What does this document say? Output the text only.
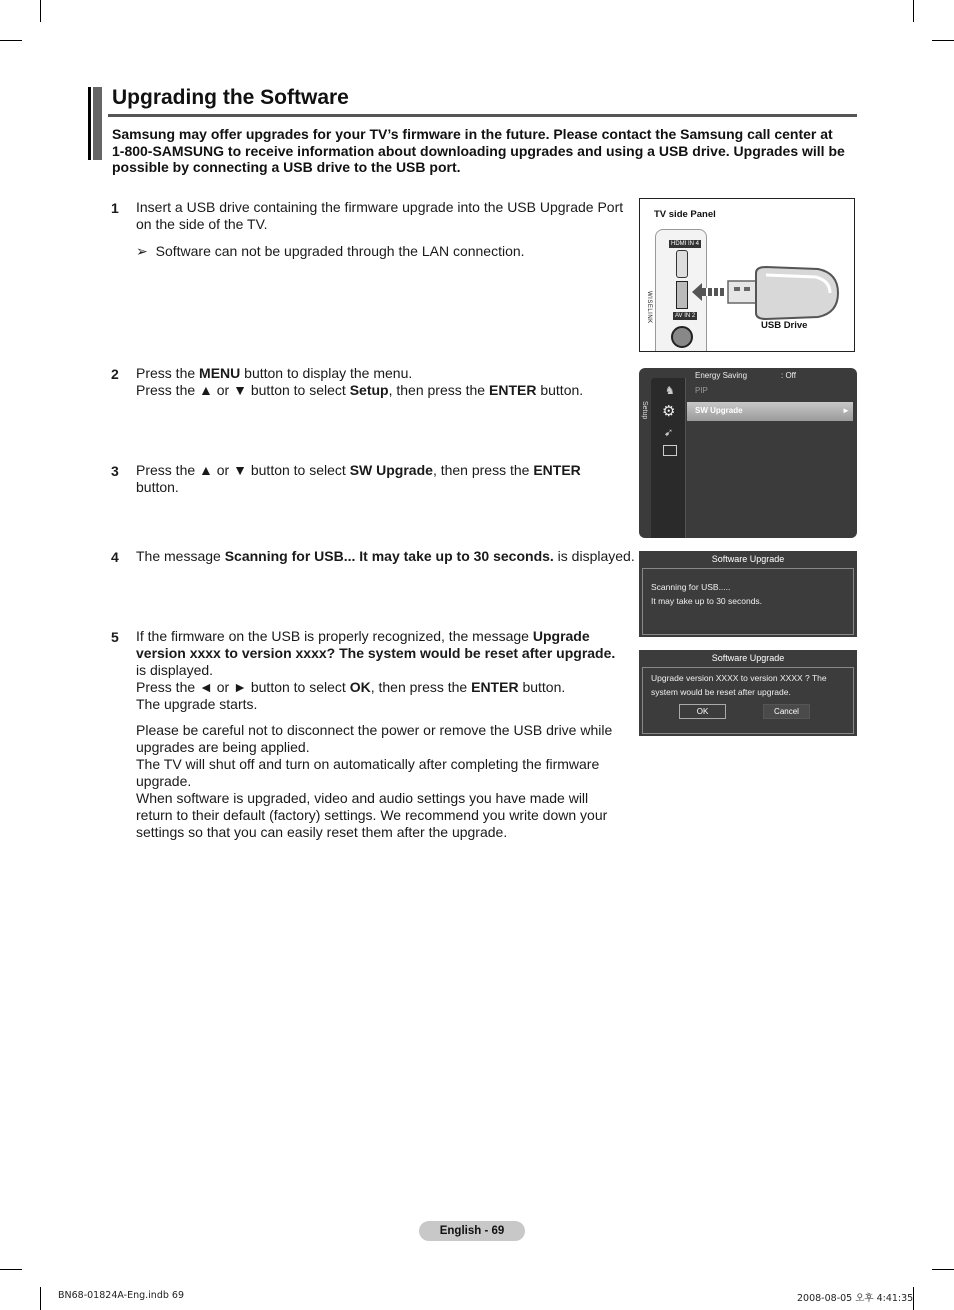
Upgrading the Software
Samsung may offer upgrades for your TV’s firmware in the future. Please contact the Samsung call center at 1-800-SAMSUNG to receive information about downloading upgrades and using a USB drive. Upgrades will be possible by connecting a USB drive to the USB port.
1 Insert a USB drive containing the firmware upgrade into the USB Upgrade Port on the side of the TV.

➢ Software can not be upgraded through the LAN connection.
2 Press the MENU button to display the menu.

Press the ▲ or ▼ button to select Setup, then press the ENTER button.

3 Press the ▲ or ▼ button to select SW Upgrade, then press the ENTER button.

4 The message Scanning for USB... It may take up to 30 seconds. is displayed.

5 If the firmware on the USB is properly recognized, the message Upgrade version xxxx to version xxxx? The system would be reset after upgrade. is displayed.

Press the ◄ or ► button to select OK, then press the ENTER button.

The upgrade starts.

Please be careful not to disconnect the power or remove the USB drive while upgrades are being applied.

The TV will shut off and turn on automatically after completing the firmware upgrade.

When software is upgraded, video and audio settings you have made will return to their default (factory) settings. We recommend you write down your settings so that you can easily reset them after the upgrade.

TV side Panel
HDMI IN 4
WISELINK	AV IN 2
USB Drive
Setup
♞
⚙
➹
Energy Saving	: Off
PIP
SW Upgrade	►
Software Upgrade
Scanning for USB.....
It may take up to 30 seconds.
Software Upgrade
Upgrade version XXXX to version XXXX ? The
system would be reset after upgrade.
OK	Cancel
English - 69
BN68-01824A-Eng.indb 69	2008-08-05 오후 4:41:35
